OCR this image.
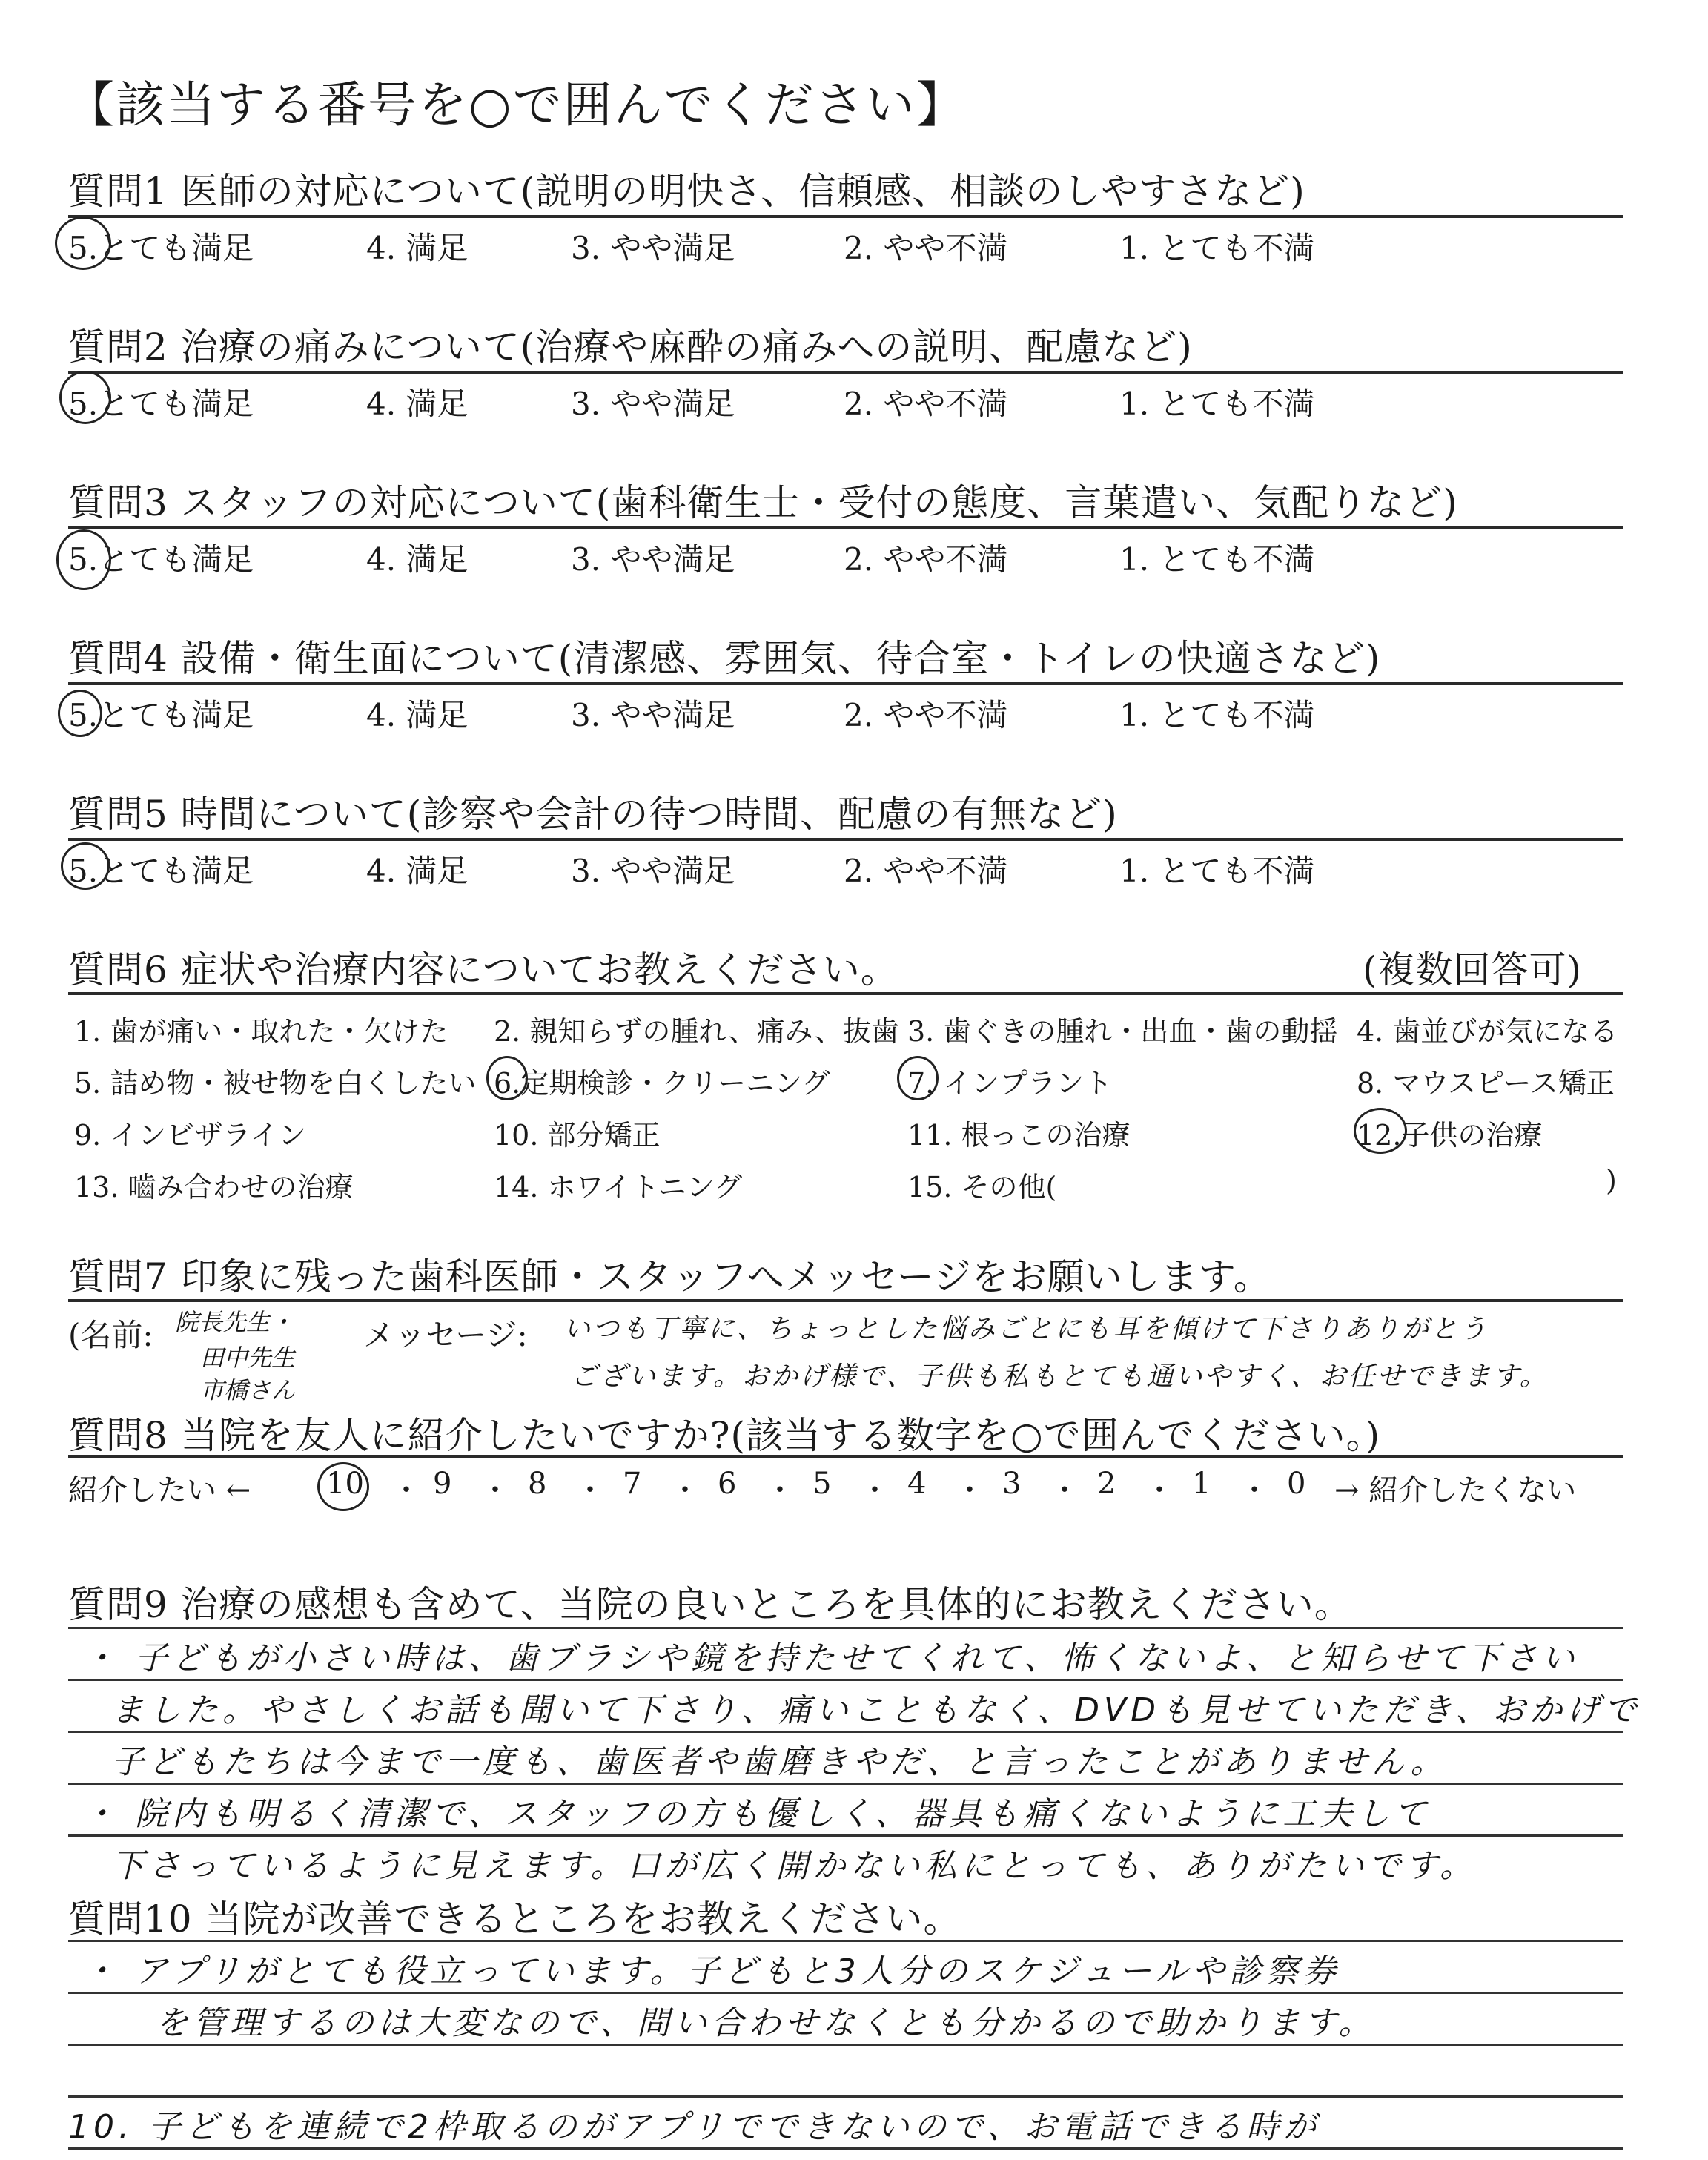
【該当する番号を○で囲んでください】
質問1 医師の対応について(説明の明快さ、信頼感、相談のしやすさなど)
5.とても満足	4. 満足	3. やや満足	2. やや不満	1. とても不満
質問2 治療の痛みについて(治療や麻酔の痛みへの説明、配慮など)
5.とても満足	4. 満足	3. やや満足	2. やや不満	1. とても不満
質問3 スタッフの対応について(歯科衛生士・受付の態度、言葉遣い、気配りなど)
5.とても満足	4. 満足	3. やや満足	2. やや不満	1. とても不満
質問4 設備・衛生面について(清潔感、雰囲気、待合室・トイレの快適さなど)
5.とても満足	4. 満足	3. やや満足	2. やや不満	1. とても不満
質問5 時間について(診察や会計の待つ時間、配慮の有無など)
5.とても満足	4. 満足	3. やや満足	2. やや不満	1. とても不満
質問6 症状や治療内容についてお教えください。	(複数回答可)
1. 歯が痛い・取れた・欠けた 2. 親知らずの腫れ、痛み、抜歯 3. 歯ぐきの腫れ・出血・歯の動揺 4. 歯並びが気になる
5. 詰め物・被せ物を白くしたい 6.定期検診・クリーニング	7. インプラント	8. マウスピース矯正
9. インビザライン	10. 部分矯正	11. 根っこの治療	12.子供の治療
13. 嚙み合わせの治療	14. ホワイトニング	15. その他(	)
質問7 印象に残った歯科医師・スタッフへメッセージをお願いします。
(名前: 院長先生・
田中先生
市橋さん
メッセージ: いつも丁寧に、ちょっとした悩みごとにも耳を傾けて下さりありがとう
ございます。おかげ様で、子供も私もとても通いやすく、お任せできます。
質問8 当院を友人に紹介したいですか?(該当する数字を○で囲んでください。)
紹介したい ←	10 ・ 9 ・ 8 ・ 7 ・ 6 ・ 5 ・ 4 ・ 3 ・ 2 ・ 1 ・ 0 → 紹介したくない
質問9 治療の感想も含めて、当院の良いところを具体的にお教えください。
・ 子どもが小さい時は、歯ブラシや鏡を持たせてくれて、怖くないよ、と知らせて下さい
ました。やさしくお話も聞いて下さり、痛いこともなく、DVDも見せていただき、おかげで
子どもたちは今まで一度も、歯医者や歯磨きやだ、と言ったことがありません。
・ 院内も明るく清潔で、スタッフの方も優しく、器具も痛くないように工夫して
下さっているように見えます。口が広く開かない私にとっても、ありがたいです。
質問10 当院が改善できるところをお教えください。
・ アプリがとても役立っています。子どもと3人分のスケジュールや診察券
を管理するのは大変なので、問い合わせなくとも分かるので助かります。
10. 子どもを連続で2枠取るのがアプリでできないので、お電話できる時が
